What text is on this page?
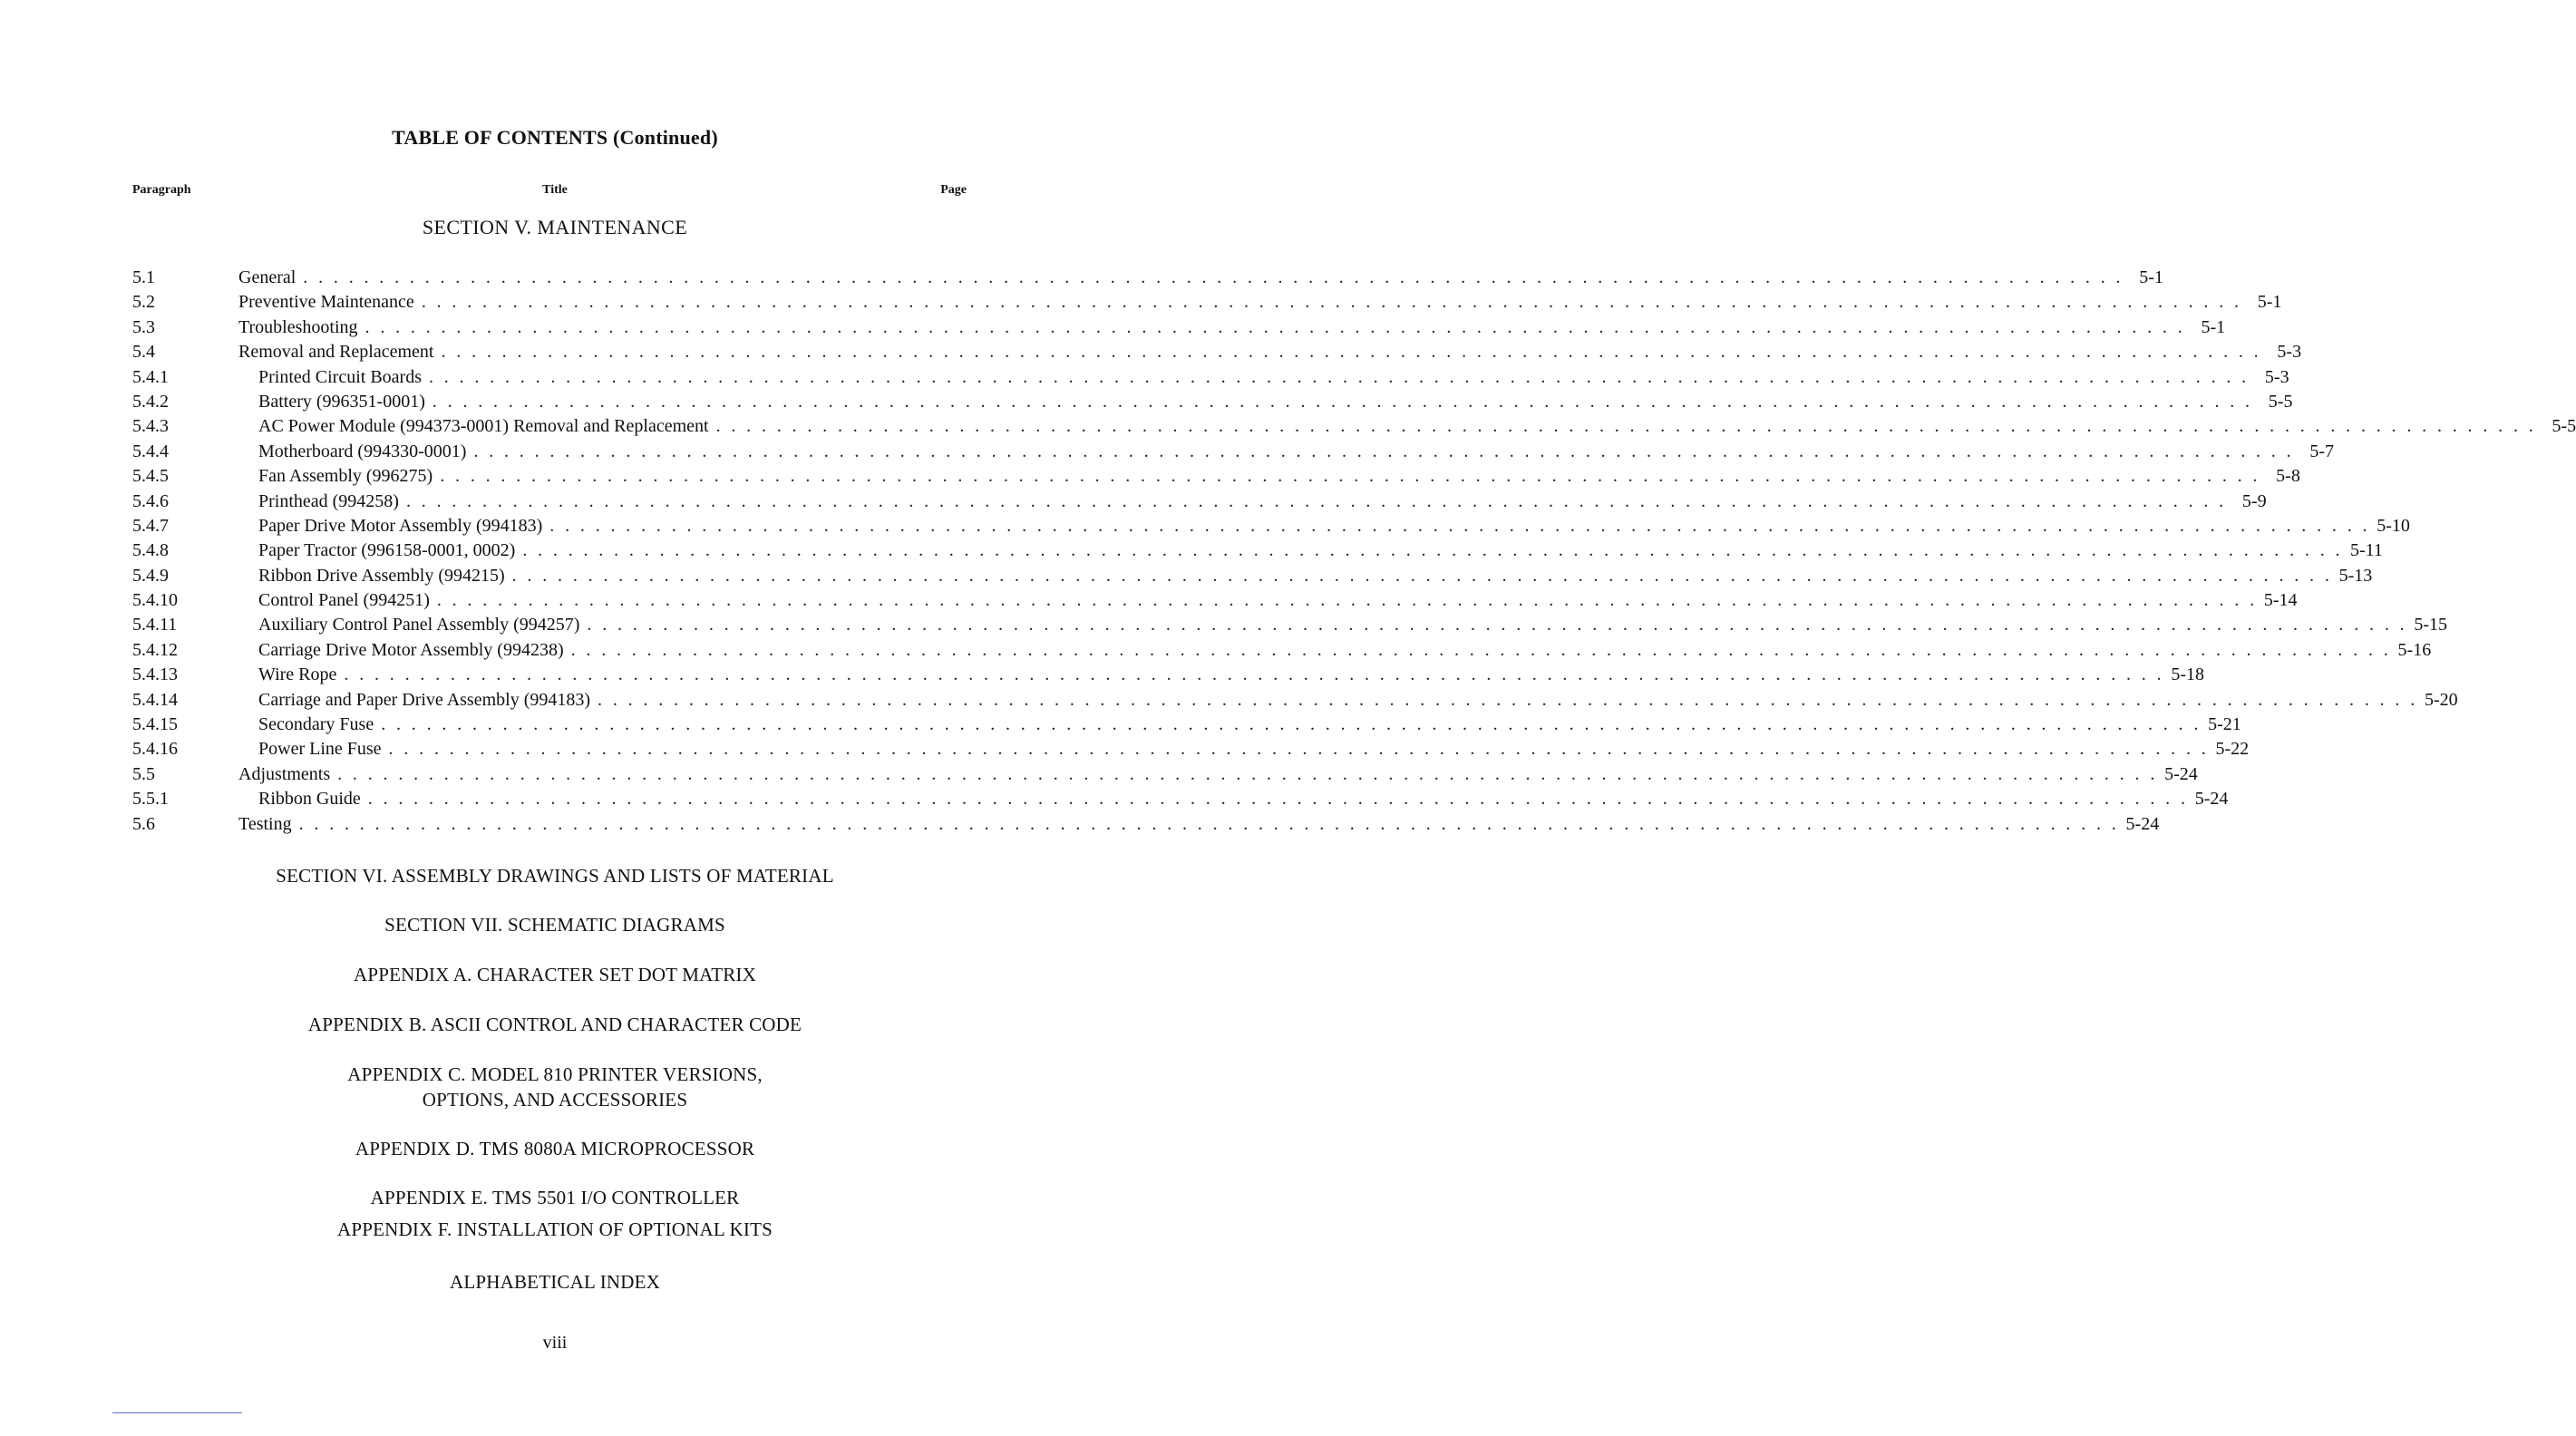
TABLE OF CONTENTS (Continued)
Paragraph	Title	Page
SECTION V. MAINTENANCE
5.1	General . . . . . . . . . . . . . . . . . . . . . . . . . . . . . . . . . . . . . . . . . . . . . . . . . . . . . . . . . . . . . . . . . . . . . . . . . . . . . . . . . . . . . . . . . . . . . . . . . . . . . . . . . . . . . . . . . . . . . . . . 5-1
5.2	Preventive Maintenance . . . . . . . . . . . . . . . . . . . . . . . . . . . . . . . . . . . . . . . . . . . . . . . . . . . . . . . . . . . . . . . . . . . . . . . . . . . . . . . . . . . . . . . . . . . . . . . . . . . . . . . . . . . . . . . . . . . . . . . . 5-1
5.3	Troubleshooting . . . . . . . . . . . . . . . . . . . . . . . . . . . . . . . . . . . . . . . . . . . . . . . . . . . . . . . . . . . . . . . . . . . . . . . . . . . . . . . . . . . . . . . . . . . . . . . . . . . . . . . . . . . . . . . . . . . . . . . . 5-1
5.4	Removal and Replacement . . . . . . . . . . . . . . . . . . . . . . . . . . . . . . . . . . . . . . . . . . . . . . . . . . . . . . . . . . . . . . . . . . . . . . . . . . . . . . . . . . . . . . . . . . . . . . . . . . . . . . . . . . . . . . . . . . . . . . . . 5-3
5.4.1	Printed Circuit Boards . . . . . . . . . . . . . . . . . . . . . . . . . . . . . . . . . . . . . . . . . . . . . . . . . . . . . . . . . . . . . . . . . . . . . . . . . . . . . . . . . . . . . . . . . . . . . . . . . . . . . . . . . . . . . . . . . . . . . . . . 5-3
5.4.2	Battery (996351-0001) . . . . . . . . . . . . . . . . . . . . . . . . . . . . . . . . . . . . . . . . . . . . . . . . . . . . . . . . . . . . . . . . . . . . . . . . . . . . . . . . . . . . . . . . . . . . . . . . . . . . . . . . . . . . . . . . . . . . . . . . 5-5
5.4.3	AC Power Module (994373-0001) Removal and Replacement . . . . . . . . . . . . . . . . . . . . . . . . . . . . . . . . . . . . . . . . . . . . . . . . . . . . . . . . . . . . . . . . . . . . . . . . . . . . . . . . . . . . . . . . . . . . . . . . . . . . . . . . . . . . . . . . . . . . . . . . 5-5
5.4.4	Motherboard (994330-0001) . . . . . . . . . . . . . . . . . . . . . . . . . . . . . . . . . . . . . . . . . . . . . . . . . . . . . . . . . . . . . . . . . . . . . . . . . . . . . . . . . . . . . . . . . . . . . . . . . . . . . . . . . . . . . . . . . . . . . . . . 5-7
5.4.5	Fan Assembly (996275) . . . . . . . . . . . . . . . . . . . . . . . . . . . . . . . . . . . . . . . . . . . . . . . . . . . . . . . . . . . . . . . . . . . . . . . . . . . . . . . . . . . . . . . . . . . . . . . . . . . . . . . . . . . . . . . . . . . . . . . . 5-8
5.4.6	Printhead (994258) . . . . . . . . . . . . . . . . . . . . . . . . . . . . . . . . . . . . . . . . . . . . . . . . . . . . . . . . . . . . . . . . . . . . . . . . . . . . . . . . . . . . . . . . . . . . . . . . . . . . . . . . . . . . . . . . . . . . . . . . 5-9
5.4.7	Paper Drive Motor Assembly (994183) . . . . . . . . . . . . . . . . . . . . . . . . . . . . . . . . . . . . . . . . . . . . . . . . . . . . . . . . . . . . . . . . . . . . . . . . . . . . . . . . . . . . . . . . . . . . . . . . . . . . . . . . . . . . . . . . . . . . . . . . 5-10
5.4.8	Paper Tractor (996158-0001, 0002) . . . . . . . . . . . . . . . . . . . . . . . . . . . . . . . . . . . . . . . . . . . . . . . . . . . . . . . . . . . . . . . . . . . . . . . . . . . . . . . . . . . . . . . . . . . . . . . . . . . . . . . . . . . . . . . . . . . . . . . . 5-11
5.4.9	Ribbon Drive Assembly (994215) . . . . . . . . . . . . . . . . . . . . . . . . . . . . . . . . . . . . . . . . . . . . . . . . . . . . . . . . . . . . . . . . . . . . . . . . . . . . . . . . . . . . . . . . . . . . . . . . . . . . . . . . . . . . . . . . . . . . . . . . 5-13
5.4.10	Control Panel (994251) . . . . . . . . . . . . . . . . . . . . . . . . . . . . . . . . . . . . . . . . . . . . . . . . . . . . . . . . . . . . . . . . . . . . . . . . . . . . . . . . . . . . . . . . . . . . . . . . . . . . . . . . . . . . . . . . . . . . . . . . 5-14
5.4.11	Auxiliary Control Panel Assembly (994257) . . . . . . . . . . . . . . . . . . . . . . . . . . . . . . . . . . . . . . . . . . . . . . . . . . . . . . . . . . . . . . . . . . . . . . . . . . . . . . . . . . . . . . . . . . . . . . . . . . . . . . . . . . . . . . . . . . . . . . . . 5-15
5.4.12	Carriage Drive Motor Assembly (994238) . . . . . . . . . . . . . . . . . . . . . . . . . . . . . . . . . . . . . . . . . . . . . . . . . . . . . . . . . . . . . . . . . . . . . . . . . . . . . . . . . . . . . . . . . . . . . . . . . . . . . . . . . . . . . . . . . . . . . . . . 5-16
5.4.13	Wire Rope . . . . . . . . . . . . . . . . . . . . . . . . . . . . . . . . . . . . . . . . . . . . . . . . . . . . . . . . . . . . . . . . . . . . . . . . . . . . . . . . . . . . . . . . . . . . . . . . . . . . . . . . . . . . . . . . . . . . . . . . 5-18
5.4.14	Carriage and Paper Drive Assembly (994183) . . . . . . . . . . . . . . . . . . . . . . . . . . . . . . . . . . . . . . . . . . . . . . . . . . . . . . . . . . . . . . . . . . . . . . . . . . . . . . . . . . . . . . . . . . . . . . . . . . . . . . . . . . . . . . . . . . . . . . . . 5-20
5.4.15	Secondary Fuse . . . . . . . . . . . . . . . . . . . . . . . . . . . . . . . . . . . . . . . . . . . . . . . . . . . . . . . . . . . . . . . . . . . . . . . . . . . . . . . . . . . . . . . . . . . . . . . . . . . . . . . . . . . . . . . . . . . . . . . . 5-21
5.4.16	Power Line Fuse . . . . . . . . . . . . . . . . . . . . . . . . . . . . . . . . . . . . . . . . . . . . . . . . . . . . . . . . . . . . . . . . . . . . . . . . . . . . . . . . . . . . . . . . . . . . . . . . . . . . . . . . . . . . . . . . . . . . . . . . 5-22
5.5	Adjustments . . . . . . . . . . . . . . . . . . . . . . . . . . . . . . . . . . . . . . . . . . . . . . . . . . . . . . . . . . . . . . . . . . . . . . . . . . . . . . . . . . . . . . . . . . . . . . . . . . . . . . . . . . . . . . . . . . . . . . . . 5-24
5.5.1	Ribbon Guide . . . . . . . . . . . . . . . . . . . . . . . . . . . . . . . . . . . . . . . . . . . . . . . . . . . . . . . . . . . . . . . . . . . . . . . . . . . . . . . . . . . . . . . . . . . . . . . . . . . . . . . . . . . . . . . . . . . . . . . . 5-24
5.6	Testing . . . . . . . . . . . . . . . . . . . . . . . . . . . . . . . . . . . . . . . . . . . . . . . . . . . . . . . . . . . . . . . . . . . . . . . . . . . . . . . . . . . . . . . . . . . . . . . . . . . . . . . . . . . . . . . . . . . . . . . . 5-24
SECTION VI. ASSEMBLY DRAWINGS AND LISTS OF MATERIAL
SECTION VII. SCHEMATIC DIAGRAMS
APPENDIX A. CHARACTER SET DOT MATRIX
APPENDIX B. ASCII CONTROL AND CHARACTER CODE
APPENDIX C. MODEL 810 PRINTER VERSIONS,
OPTIONS, AND ACCESSORIES
APPENDIX D. TMS 8080A MICROPROCESSOR
APPENDIX E. TMS 5501 I/O CONTROLLER
APPENDIX F. INSTALLATION OF OPTIONAL KITS
ALPHABETICAL INDEX
viii
